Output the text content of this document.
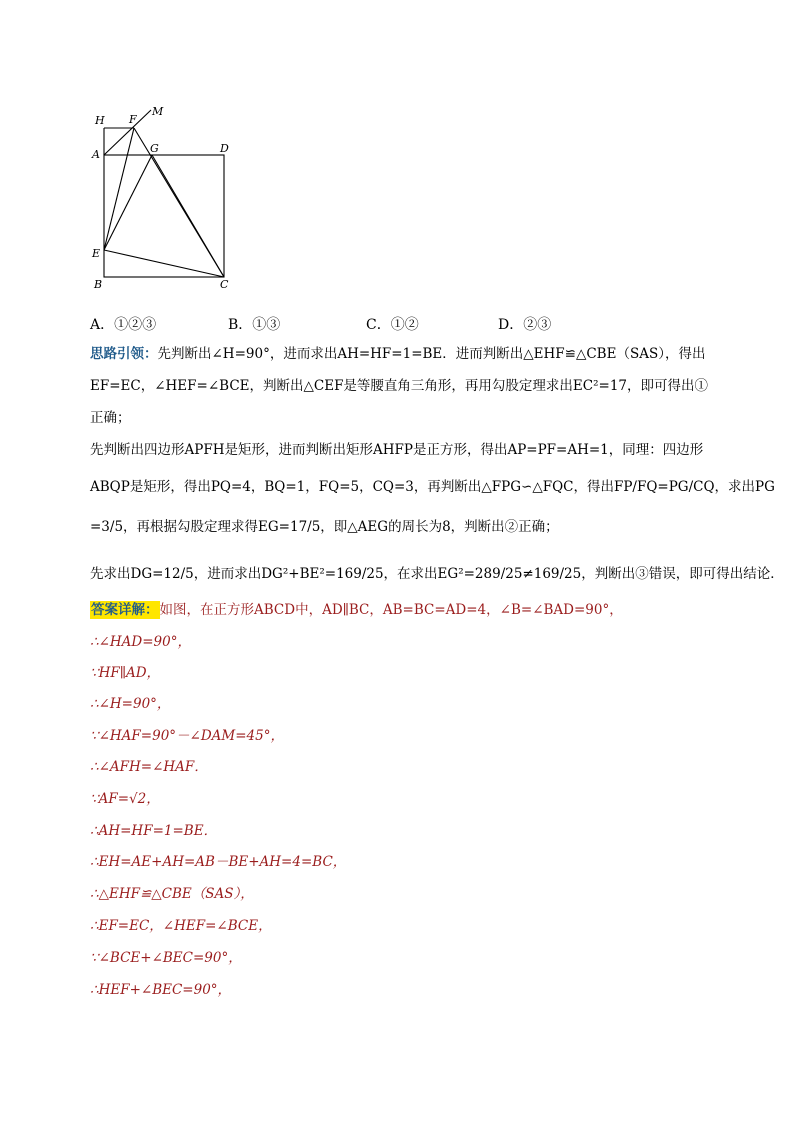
H F
M
A	G	D
E
B	C
A．①②③	B．①③	C．①②	D．②③
思路引领：先判断出∠H=90°，进而求出AH=HF=1=BE．进而判断出△EHF≌△CBE（SAS），得出
EF=EC，∠HEF=∠BCE，判断出△CEF是等腰直角三角形，再用勾股定理求出EC²=17，即可得出①
正确；
先判断出四边形APFH是矩形，进而判断出矩形AHFP是正方形，得出AP=PF=AH=1，同理：四边形
ABQP是矩形，得出PQ=4，BQ=1，FQ=5，CQ=3，再判断出△FPG∽△FQC，得出FP/FQ=PG/CQ，求出PG
=3/5，再根据勾股定理求得EG=17/5，即△AEG的周长为8，判断出②正确；
先求出DG=12/5，进而求出DG²+BE²=169/25，在求出EG²=289/25≠169/25，判断出③错误，即可得出结论．
答案详解：如图，在正方形ABCD中，AD∥BC，AB=BC=AD=4，∠B=∠BAD=90°，
∴∠HAD=90°，
∵HF∥AD，
∴∠H=90°，
∵∠HAF=90°－∠DAM=45°，
∴∠AFH=∠HAF．
∵AF=√2，
∴AH=HF=1=BE．
∴EH=AE+AH=AB－BE+AH=4=BC，
∴△EHF≌△CBE（SAS），
∴EF=EC，∠HEF=∠BCE，
∵∠BCE+∠BEC=90°，
∴HEF+∠BEC=90°，
